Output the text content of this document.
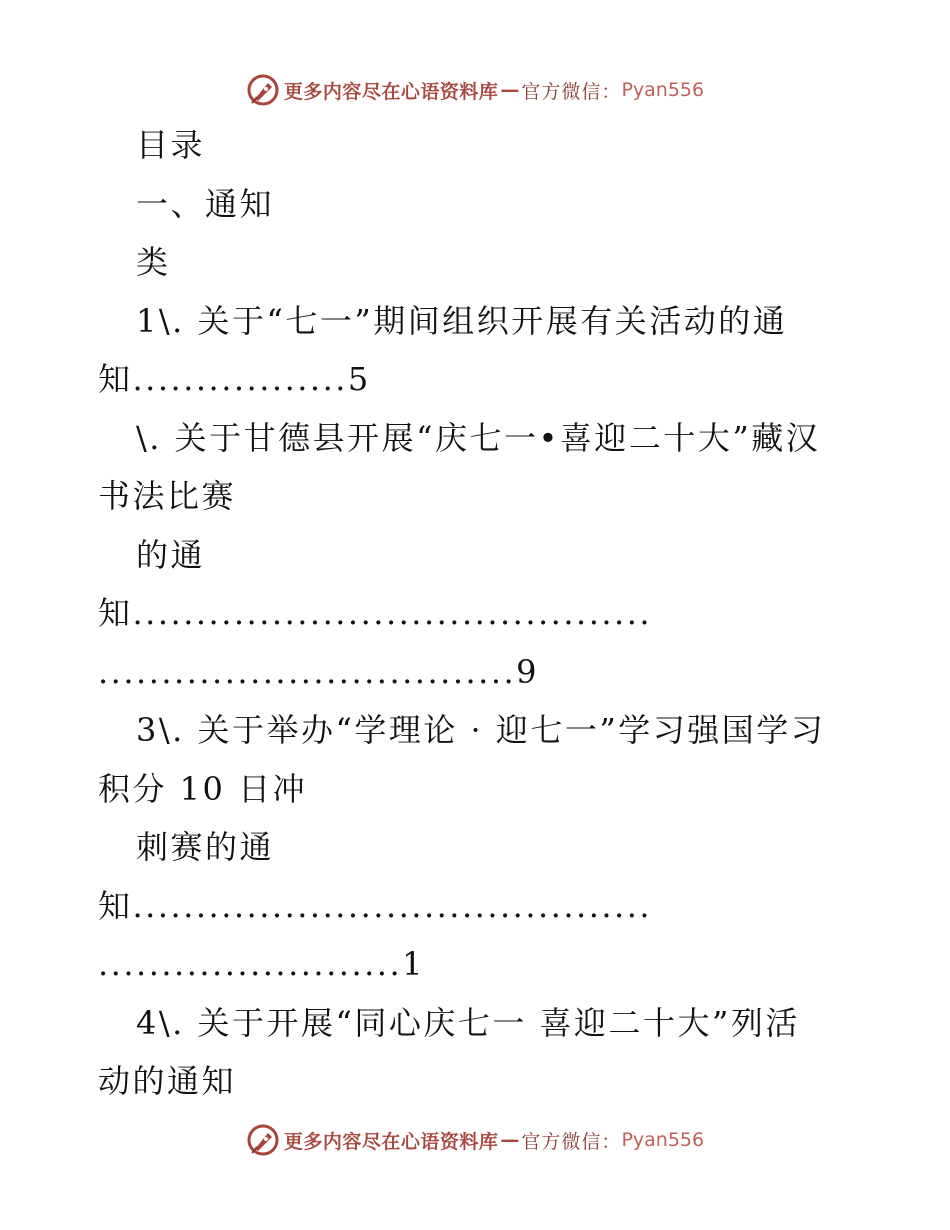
更多内容尽在心语资料库 — 官方微信： Pyan556
目录
一、通知
类
1\. 关于“七一”期间组织开展有关活动的通
知.................5
\. 关于甘德县开展“庆七一•喜迎二十大”藏汉
书法比赛
的通
知.........................................
.................................9
3\. 关于举办“学理论 · 迎七一”学习强国学习
积分 10 日冲
刺赛的通
知.........................................
........................1
4\. 关于开展“同心庆七一 喜迎二十大”列活
动的通知
更多内容尽在心语资料库 — 官方微信： Pyan556
